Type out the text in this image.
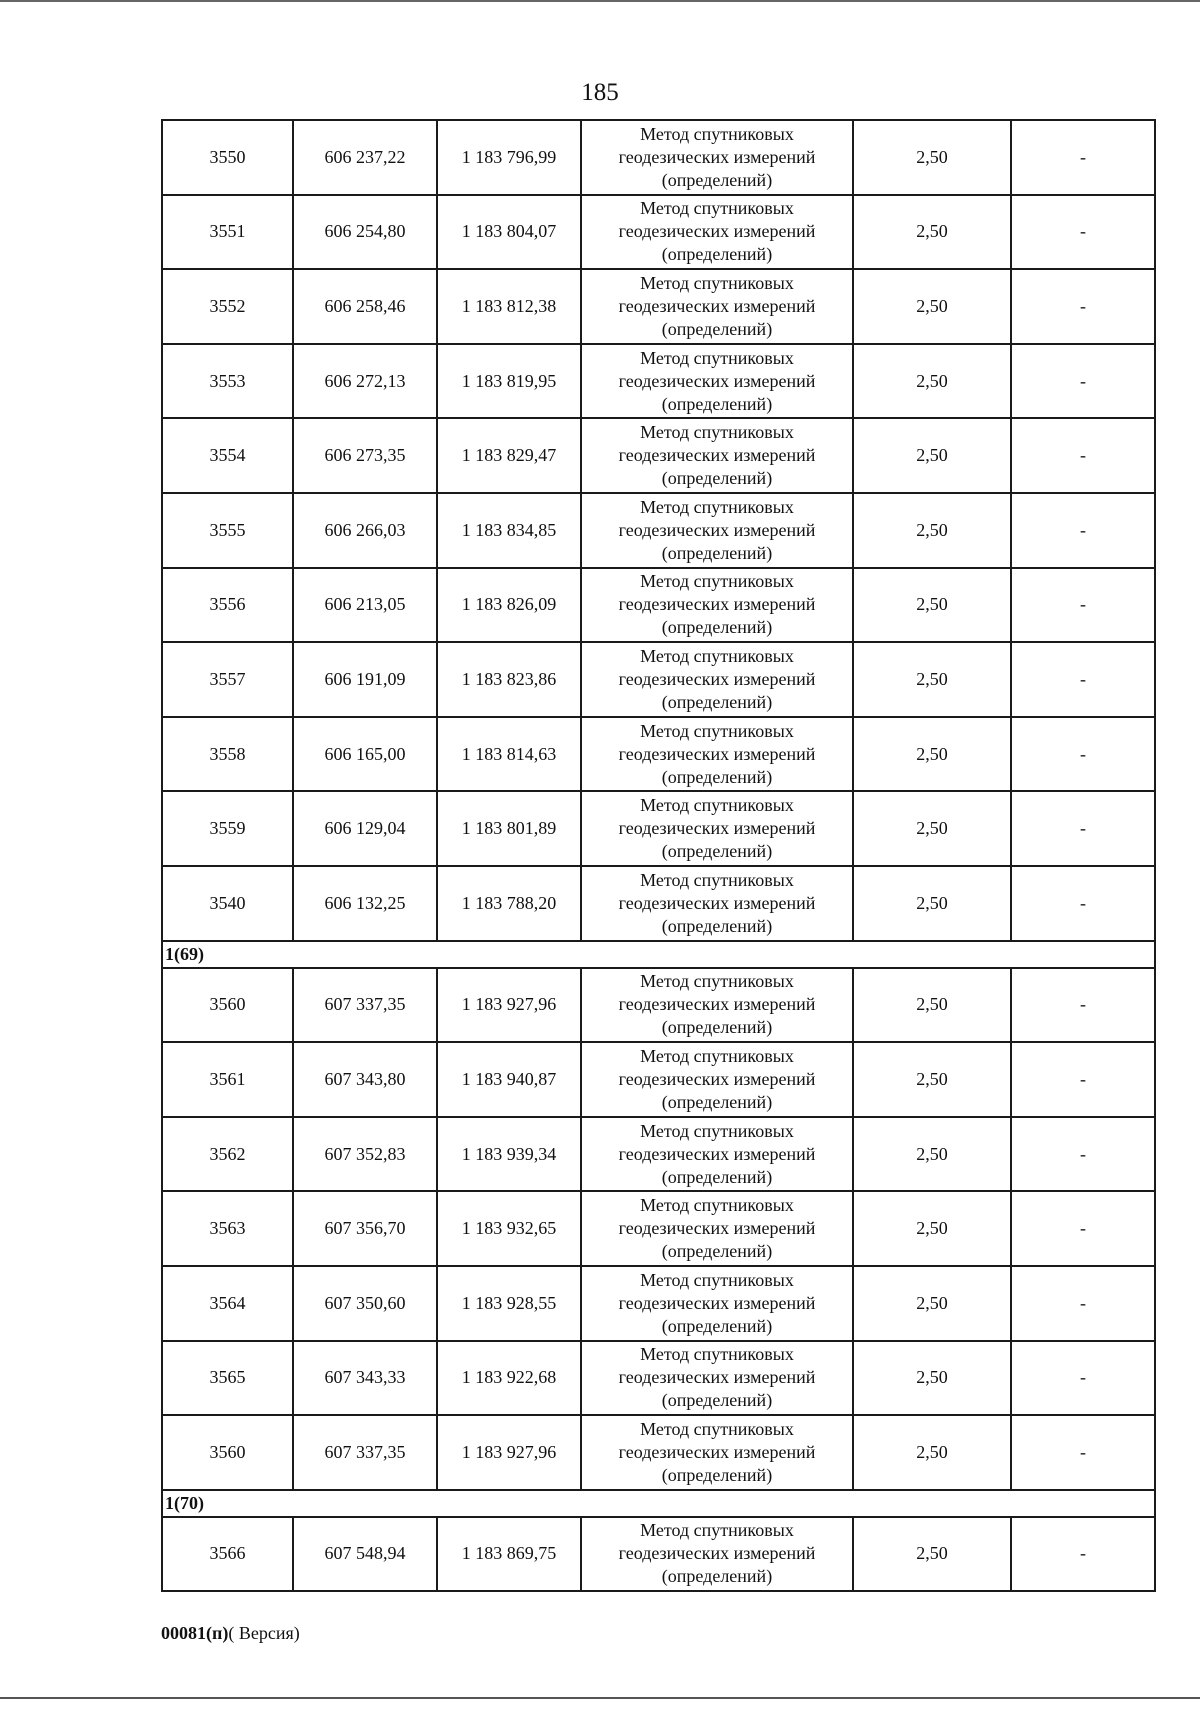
185
3550	606 237,22	1 183 796,99	Метод спутниковых
геодезических измерений
(определений)	2,50	-
3551	606 254,80	1 183 804,07	Метод спутниковых
геодезических измерений
(определений)	2,50	-
3552	606 258,46	1 183 812,38	Метод спутниковых
геодезических измерений
(определений)	2,50	-
3553	606 272,13	1 183 819,95	Метод спутниковых
геодезических измерений
(определений)	2,50	-
3554	606 273,35	1 183 829,47	Метод спутниковых
геодезических измерений
(определений)	2,50	-
3555	606 266,03	1 183 834,85	Метод спутниковых
геодезических измерений
(определений)	2,50	-
3556	606 213,05	1 183 826,09	Метод спутниковых
геодезических измерений
(определений)	2,50	-
3557	606 191,09	1 183 823,86	Метод спутниковых
геодезических измерений
(определений)	2,50	-
3558	606 165,00	1 183 814,63	Метод спутниковых
геодезических измерений
(определений)	2,50	-
3559	606 129,04	1 183 801,89	Метод спутниковых
геодезических измерений
(определений)	2,50	-
3540	606 132,25	1 183 788,20	Метод спутниковых
геодезических измерений
(определений)	2,50	-
1(69)					
3560	607 337,35	1 183 927,96	Метод спутниковых
геодезических измерений
(определений)	2,50	-
3561	607 343,80	1 183 940,87	Метод спутниковых
геодезических измерений
(определений)	2,50	-
3562	607 352,83	1 183 939,34	Метод спутниковых
геодезических измерений
(определений)	2,50	-
3563	607 356,70	1 183 932,65	Метод спутниковых
геодезических измерений
(определений)	2,50	-
3564	607 350,60	1 183 928,55	Метод спутниковых
геодезических измерений
(определений)	2,50	-
3565	607 343,33	1 183 922,68	Метод спутниковых
геодезических измерений
(определений)	2,50	-
3560	607 337,35	1 183 927,96	Метод спутниковых
геодезических измерений
(определений)	2,50	-
1(70)					
3566	607 548,94	1 183 869,75	Метод спутниковых
геодезических измерений
(определений)	2,50	-
00081(п)( Версия)
